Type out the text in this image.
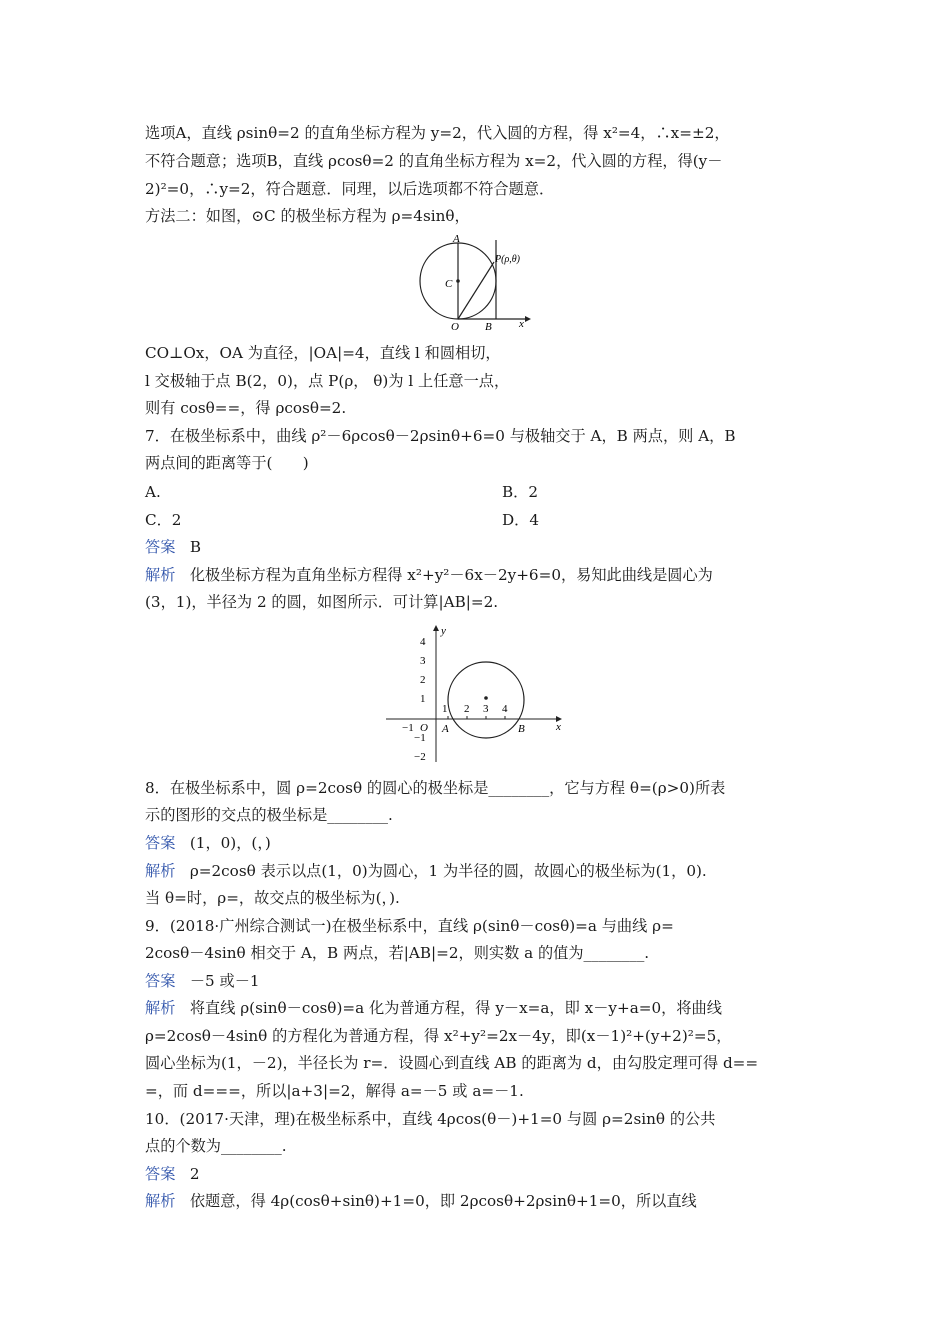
选项A，直线 ρsinθ=2 的直角坐标方程为 y=2，代入圆的方程，得 x²=4，∴x=±2，
不符合题意；选项B，直线 ρcosθ=2 的直角坐标方程为 x=2，代入圆的方程，得(y－
2)²=0，∴y=2，符合题意．同理，以后选项都不符合题意．
方法二：如图，⊙C 的极坐标方程为 ρ=4sinθ，
A
C
O B x
P(ρ,θ)
CO⊥Ox，OA 为直径，|OA|=4，直线 l 和圆相切，
l 交极轴于点 B(2，0)，点 P(ρ， θ)为 l 上任意一点，
则有 cosθ==，得 ρcosθ=2.
7．在极坐标系中，曲线 ρ²－6ρcosθ－2ρsinθ+6=0 与极轴交于 A，B 两点，则 A，B
两点间的距离等于(　　)
A.	B．2
C．2	D．4
答案 B
解析 化极坐标方程为直角坐标方程得 x²+y²－6x－2y+6=0，易知此曲线是圆心为
(3，1)，半径为 2 的圆，如图所示．可计算|AB|=2.
4
3
2
1
−1
−2
1 2 3 4
−1 O A	B	x
y
8．在极坐标系中，圆 ρ=2cosθ 的圆心的极坐标是________，它与方程 θ=(ρ>0)所表
示的图形的交点的极坐标是________.
答案 (1，0)，(，)
解析 ρ=2cosθ 表示以点(1，0)为圆心，1 为半径的圆，故圆心的极坐标为(1，0).
当 θ=时，ρ=，故交点的极坐标为(，).
9．(2018·广州综合测试一)在极坐标系中，直线 ρ(sinθ－cosθ)=a 与曲线 ρ=
2cosθ－4sinθ 相交于 A，B 两点，若|AB|=2，则实数 a 的值为________.
答案 －5 或－1
解析 将直线 ρ(sinθ－cosθ)=a 化为普通方程，得 y－x=a，即 x－y+a=0，将曲线
ρ=2cosθ－4sinθ 的方程化为普通方程，得 x²+y²=2x－4y，即(x－1)²+(y+2)²=5，
圆心坐标为(1，－2)，半径长为 r=．设圆心到直线 AB 的距离为 d，由勾股定理可得 d==
=，而 d===，所以|a+3|=2，解得 a=－5 或 a=－1.
10．(2017·天津，理)在极坐标系中，直线 4ρcos(θ－)+1=0 与圆 ρ=2sinθ 的公共
点的个数为________.
答案 2
解析 依题意，得 4ρ(cosθ+sinθ)+1=0，即 2ρcosθ+2ρsinθ+1=0，所以直线
